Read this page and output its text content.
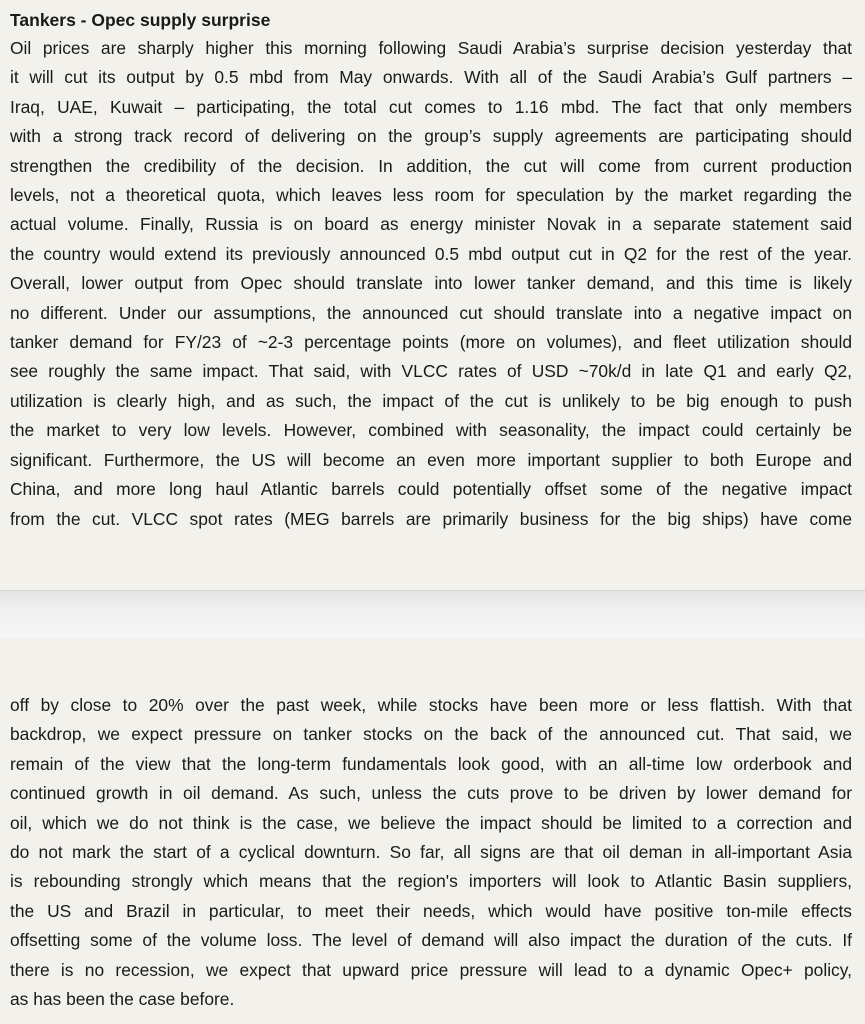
Tankers - Opec supply surprise
Oil prices are sharply higher this morning following Saudi Arabia’s surprise decision yesterday that
it will cut its output by 0.5 mbd from May onwards. With all of the Saudi Arabia’s Gulf partners –
Iraq, UAE, Kuwait – participating, the total cut comes to 1.16 mbd. The fact that only members
with a strong track record of delivering on the group’s supply agreements are participating should
strengthen the credibility of the decision. In addition, the cut will come from current production
levels, not a theoretical quota, which leaves less room for speculation by the market regarding the
actual volume. Finally, Russia is on board as energy minister Novak in a separate statement said
the country would extend its previously announced 0.5 mbd output cut in Q2 for the rest of the year.
Overall, lower output from Opec should translate into lower tanker demand, and this time is likely
no different. Under our assumptions, the announced cut should translate into a negative impact on
tanker demand for FY/23 of ~2-3 percentage points (more on volumes), and fleet utilization should
see roughly the same impact. That said, with VLCC rates of USD ~70k/d in late Q1 and early Q2,
utilization is clearly high, and as such, the impact of the cut is unlikely to be big enough to push
the market to very low levels. However, combined with seasonality, the impact could certainly be
significant. Furthermore, the US will become an even more important supplier to both Europe and
China, and more long haul Atlantic barrels could potentially offset some of the negative impact
from the cut. VLCC spot rates (MEG barrels are primarily business for the big ships) have come
off by close to 20% over the past week, while stocks have been more or less flattish. With that
backdrop, we expect pressure on tanker stocks on the back of the announced cut. That said, we
remain of the view that the long-term fundamentals look good, with an all-time low orderbook and
continued growth in oil demand. As such, unless the cuts prove to be driven by lower demand for
oil, which we do not think is the case, we believe the impact should be limited to a correction and
do not mark the start of a cyclical downturn. So far, all signs are that oil deman in all-important Asia
is rebounding strongly which means that the region's importers will look to Atlantic Basin suppliers,
the US and Brazil in particular, to meet their needs, which would have positive ton-mile effects
offsetting some of the volume loss. The level of demand will also impact the duration of the cuts. If
there is no recession, we expect that upward price pressure will lead to a dynamic Opec+ policy,
as has been the case before.
